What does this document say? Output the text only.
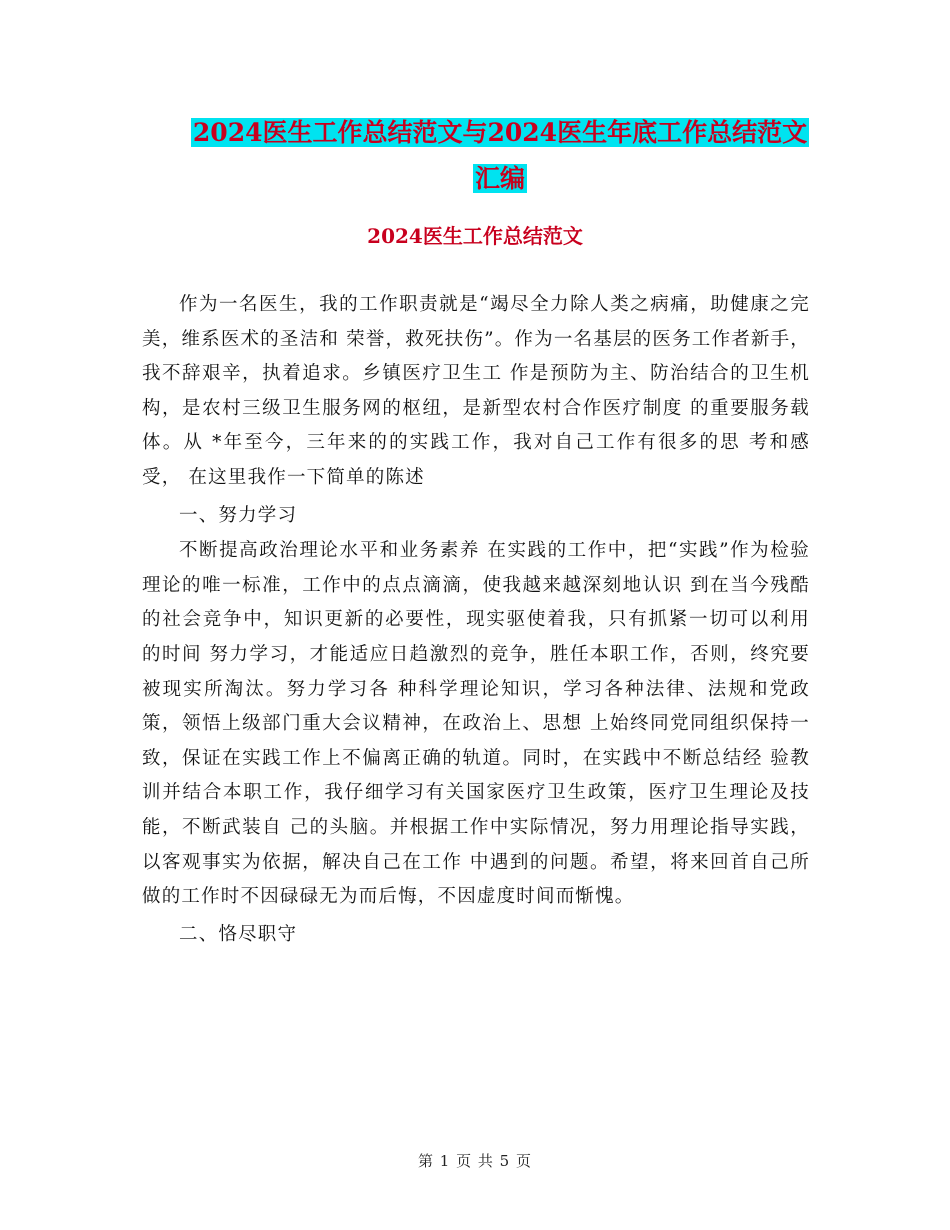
2024医生工作总结范文与2024医生年底工作总结范文
汇编
2024医生工作总结范文

作为一名医生，我的工作职责就是“竭尽全力除人类之病痛，助健康之完美，维系医术的圣洁和 荣誉，救死扶伤”。作为一名基层的医务工作者新手，我不辞艰辛，执着追求。乡镇医疗卫生工 作是预防为主、防治结合的卫生机构，是农村三级卫生服务网的枢纽，是新型农村合作医疗制度 的重要服务载体。从 *年至今，三年来的的实践工作，我对自己工作有很多的思 考和感受， 在这里我作一下简单的陈述

一、努力学习

不断提高政治理论水平和业务素养 在实践的工作中，把“实践”作为检验理论的唯一标准，工作中的点点滴滴，使我越来越深刻地认识 到在当今残酷的社会竞争中，知识更新的必要性，现实驱使着我，只有抓紧一切可以利用的时间 努力学习，才能适应日趋激烈的竞争，胜任本职工作，否则，终究要被现实所淘汰。努力学习各 种科学理论知识，学习各种法律、法规和党政策，领悟上级部门重大会议精神，在政治上、思想 上始终同党同组织保持一致，保证在实践工作上不偏离正确的轨道。同时，在实践中不断总结经 验教训并结合本职工作，我仔细学习有关国家医疗卫生政策，医疗卫生理论及技能，不断武装自 己的头脑。并根据工作中实际情况，努力用理论指导实践，以客观事实为依据，解决自己在工作 中遇到的问题。希望，将来回首自己所做的工作时不因碌碌无为而后悔，不因虚度时间而惭愧。

二、恪尽职守

第 1 页 共 5 页
